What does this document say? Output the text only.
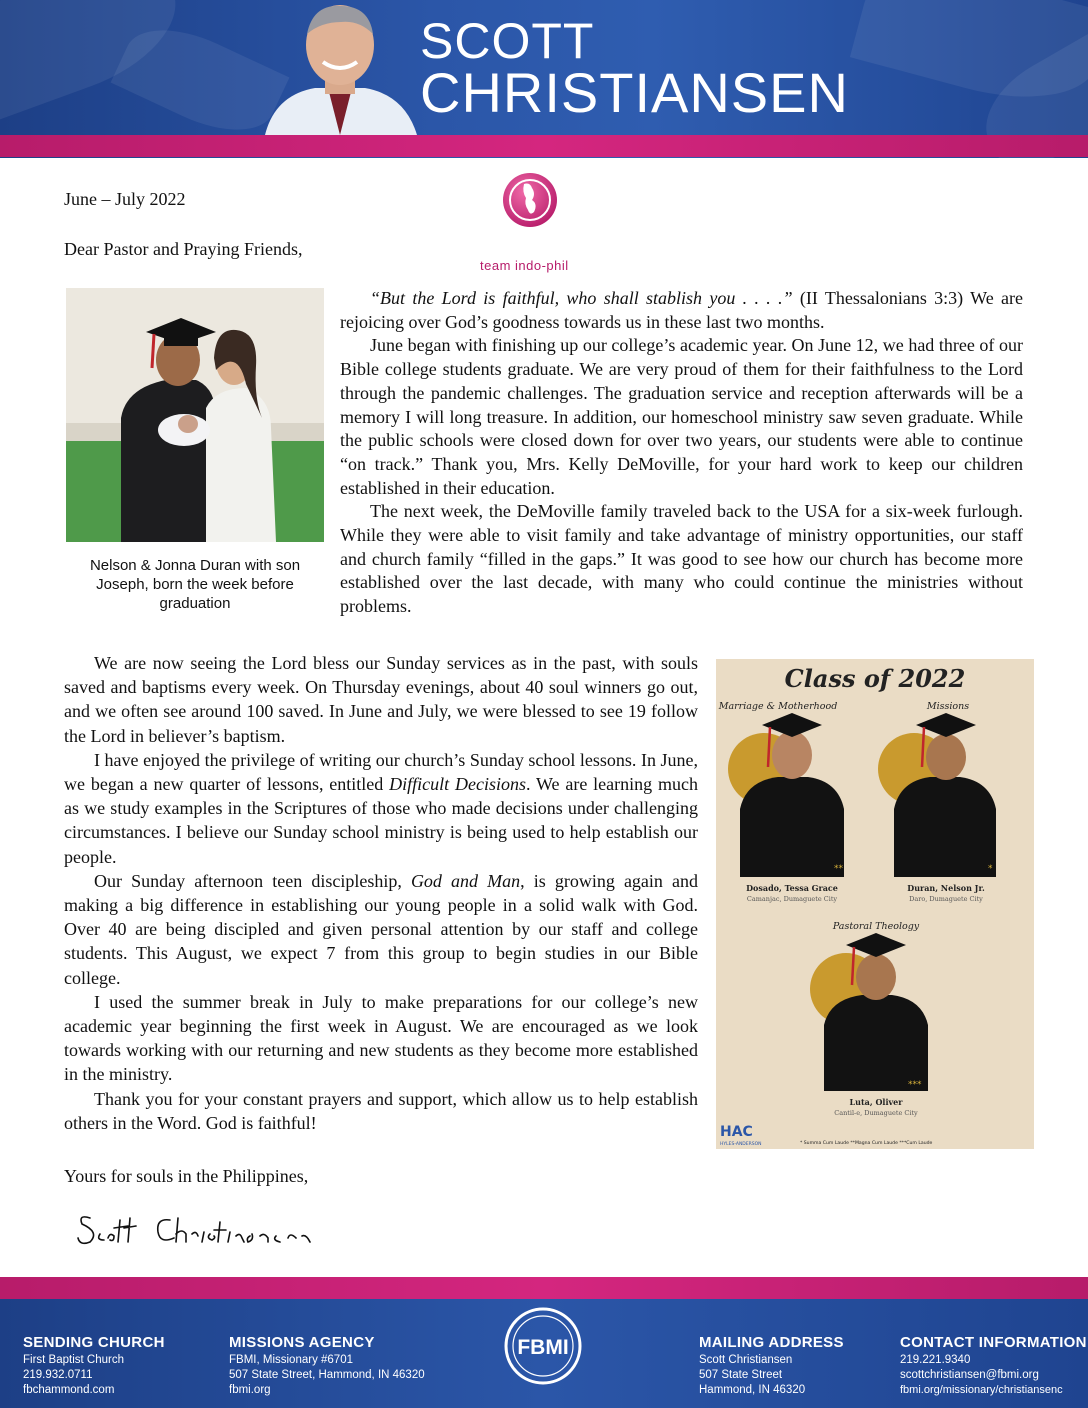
SCOTT
CHRISTIANSEN
team indo-phil
June – July 2022
Dear Pastor and Praying Friends,
Nelson & Jonna Duran with son Joseph, born the week before graduation

“But the Lord is faithful, who shall stablish you . . . .” (II Thessalonians 3:3) We are rejoicing over God’s goodness towards us in these last two months.

June began with finishing up our college’s academic year. On June 12, we had three of our Bible college students graduate. We are very proud of them for their faithfulness to the Lord through the pandemic challenges. The graduation service and reception afterwards will be a memory I will long treasure. In addition, our homeschool ministry saw seven graduate. While the public schools were closed down for over two years, our students were able to continue “on track.” Thank you, Mrs. Kelly DeMoville, for your hard work to keep our children established in their education.

The next week, the DeMoville family traveled back to the USA for a six-week furlough. While they were able to visit family and take advantage of ministry opportunities, our staff and church family “filled in the gaps.” It was good to see how our church has become more established over the last decade, with many who could continue the ministries without problems.

We are now seeing the Lord bless our Sunday services as in the past, with souls saved and baptisms every week. On Thursday evenings, about 40 soul winners go out, and we often see around 100 saved. In June and July, we were blessed to see 19 follow the Lord in believer’s baptism.

I have enjoyed the privilege of writing our church’s Sunday school lessons. In June, we began a new quarter of lessons, entitled Difficult Decisions. We are learning much as we study examples in the Scriptures of those who made decisions under challenging circumstances. I believe our Sunday school ministry is being used to help establish our people.

Our Sunday afternoon teen discipleship, God and Man, is growing again and making a big difference in establishing our young people in a solid walk with God. Over 40 are being discipled and given personal attention by our staff and college students. This August, we expect 7 from this group to begin studies in our Bible college.

I used the summer break in July to make preparations for our college’s new academic year beginning the first week in August. We are encouraged as we look towards working with our returning and new students as they become more established in the ministry.

Thank you for your constant prayers and support, which allow us to help establish others in the Word. God is faithful!

Class of 2022
Marriage & Motherhood	Missions
**
Dosado, Tessa Grace
Camanjac, Dumaguete City
*
Duran, Nelson Jr.
Daro, Dumaguete City
Pastoral Theology
***
Luta, Oliver
Cantil-e, Dumaguete City
HAC
HYLES-ANDERSON	* Summa Cum Laude **Magna Cum Laude ***Cum Laude
Yours for souls in the Philippines,
Scott Christiansen
SENDING CHURCH
First Baptist Church
219.932.0711
fbchammond.com
MISSIONS AGENCY
FBMI, Missionary #6701
507 State Street, Hammond, IN 46320
fbmi.org
FBMI	MAILING ADDRESS
Scott Christiansen
507 State Street
Hammond, IN 46320
CONTACT INFORMATION
219.221.9340
scottchristiansen@fbmi.org
fbmi.org/missionary/christiansenc
